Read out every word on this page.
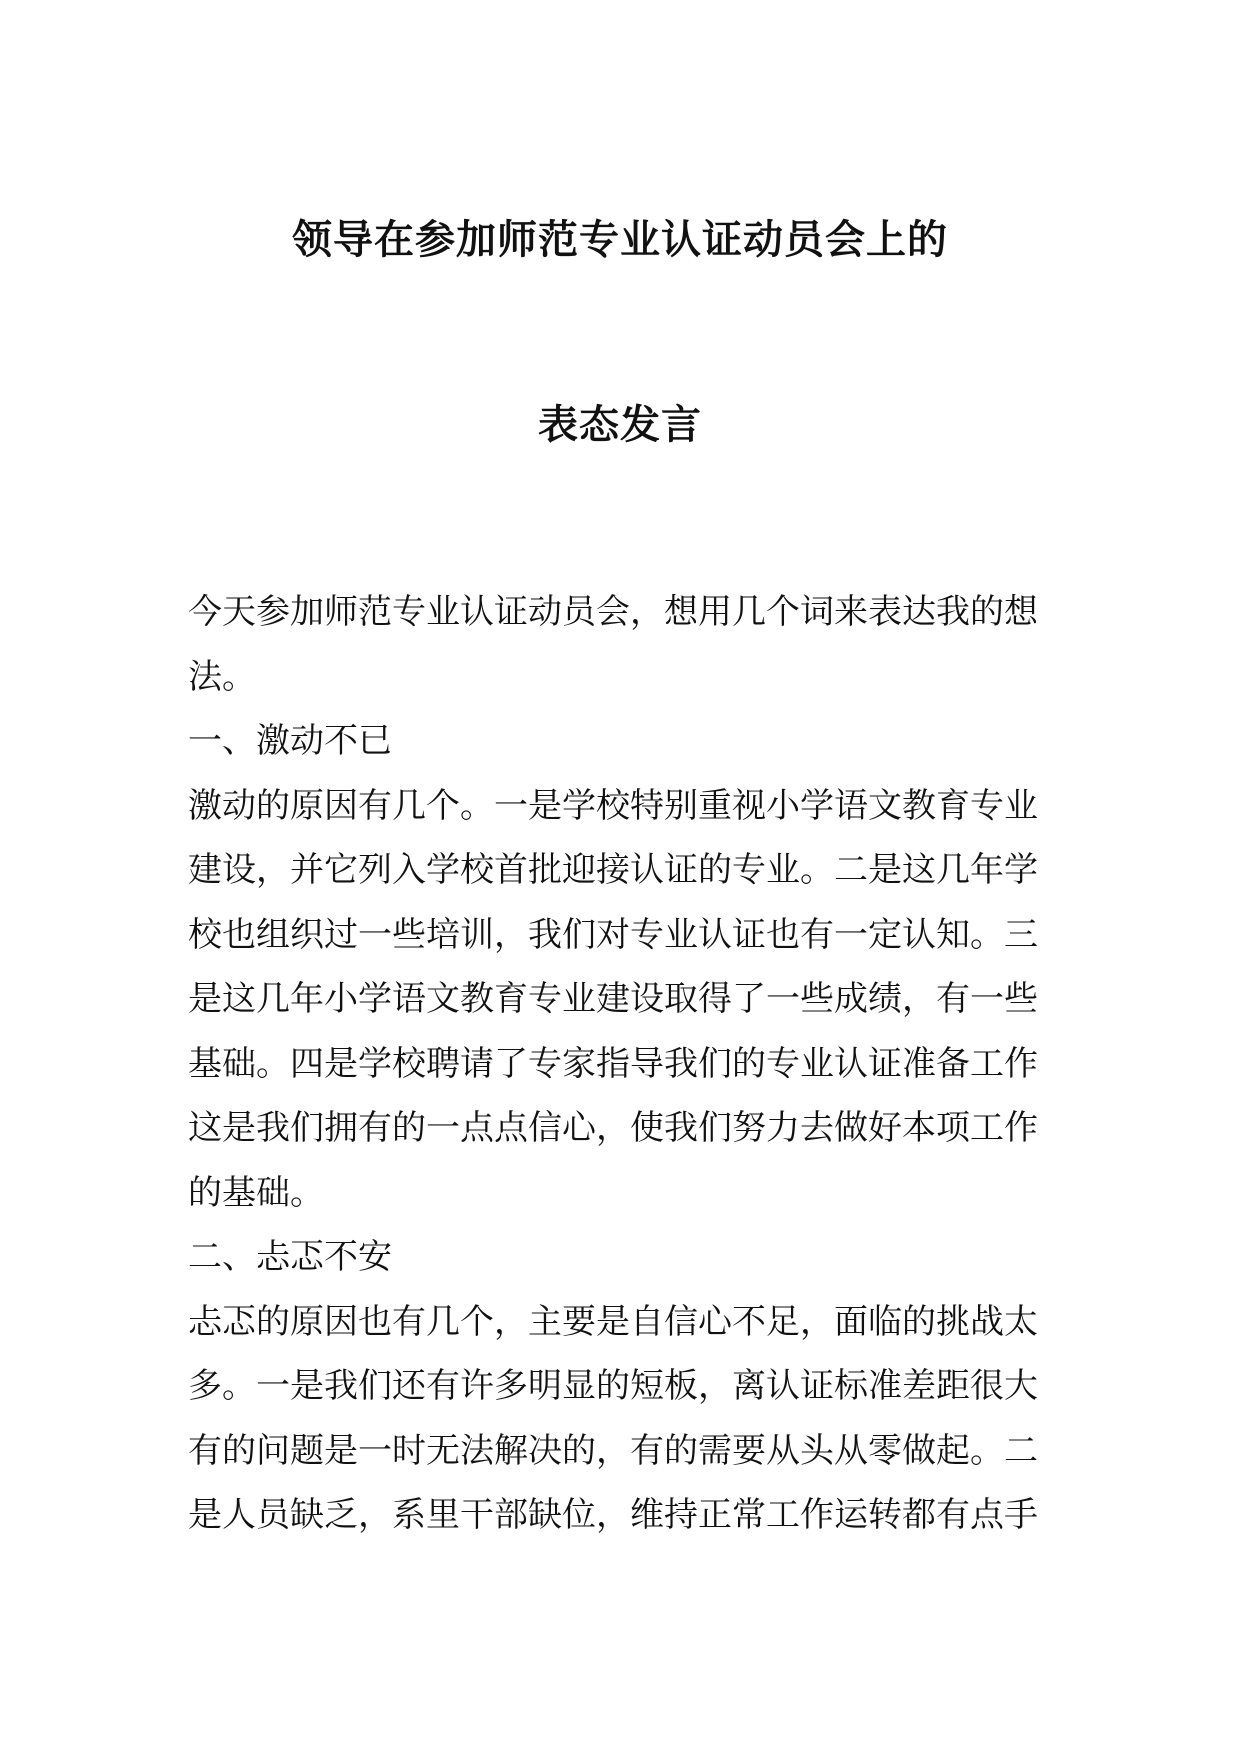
领导在参加师范专业认证动员会上的
表态发言
今天参加师范专业认证动员会，想用几个词来表达我的想
法。
一、激动不已
激动的原因有几个。一是学校特别重视小学语文教育专业
建设，并它列入学校首批迎接认证的专业。二是这几年学
校也组织过一些培训，我们对专业认证也有一定认知。三
是这几年小学语文教育专业建设取得了一些成绩，有一些
基础。四是学校聘请了专家指导我们的专业认证准备工作
这是我们拥有的一点点信心，使我们努力去做好本项工作
的基础。
二、忐忑不安
忐忑的原因也有几个，主要是自信心不足，面临的挑战太
多。一是我们还有许多明显的短板，离认证标准差距很大
有的问题是一时无法解决的，有的需要从头从零做起。二
是人员缺乏，系里干部缺位，维持正常工作运转都有点手
